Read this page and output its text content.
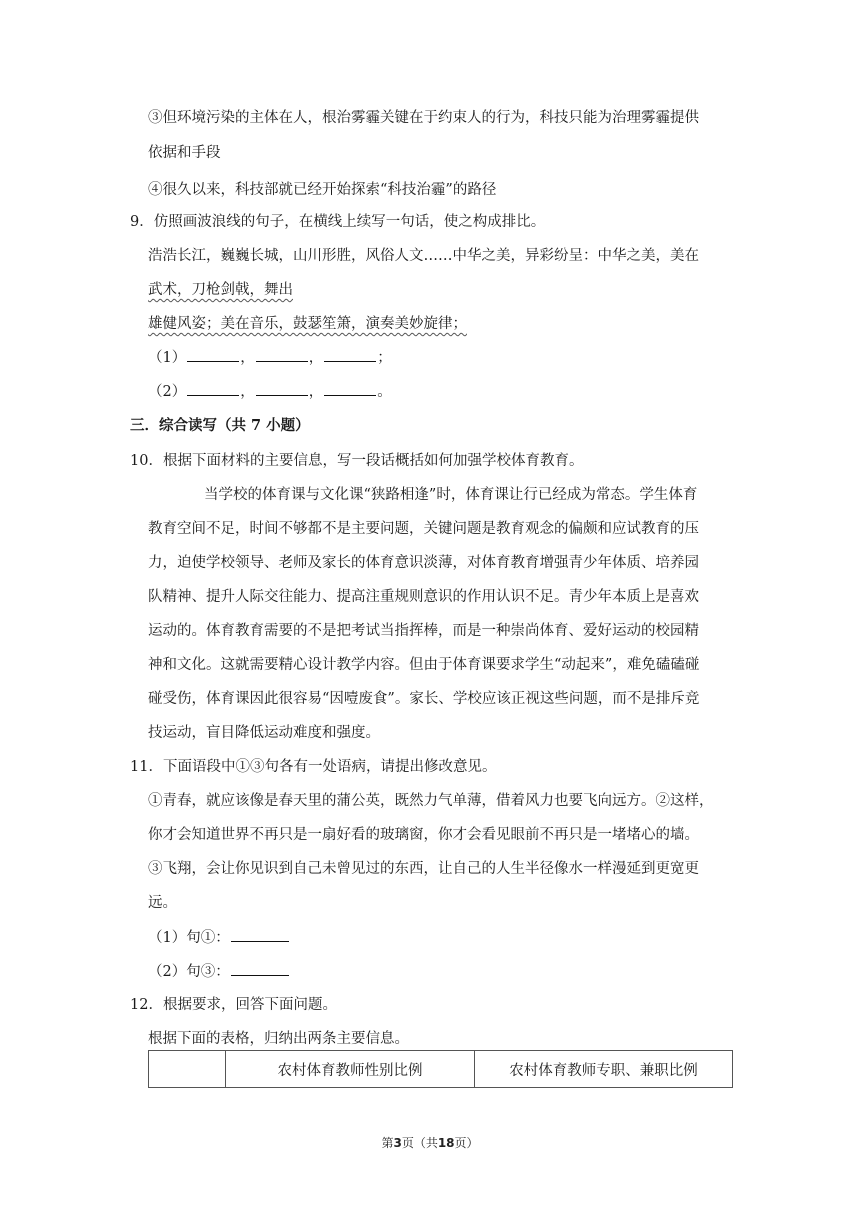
③但环境污染的主体在人，根治雾霾关键在于约束人的行为，科技只能为治理雾霾提供
依据和手段
④很久以来，科技部就已经开始探索“科技治霾”的路径
9．仿照画波浪线的句子，在横线上续写一句话，使之构成排比。
浩浩长江，巍巍长城，山川形胜，风俗人文……中华之美，异彩纷呈：中华之美，美在
武术，刀枪剑戟，舞出
雄健风姿；美在音乐，鼓瑟笙箫，演奏美妙旋律；
（1）	，	，	；
（2）	，	，	。
三．综合读写（共 7 小题）
10．根据下面材料的主要信息，写一段话概括如何加强学校体育教育。
当学校的体育课与文化课“狭路相逢”时，体育课让行已经成为常态。学生体育
教育空间不足，时间不够都不是主要问题，关键问题是教育观念的偏颇和应试教育的压
力，迫使学校领导、老师及家长的体育意识淡薄，对体育教育增强青少年体质、培养园
队精神、提升人际交往能力、提高注重规则意识的作用认识不足。青少年本质上是喜欢
运动的。体育教育需要的不是把考试当指挥棒，而是一种崇尚体育、爱好运动的校园精
神和文化。这就需要精心设计教学内容。但由于体育课要求学生“动起来”，难免磕磕碰
碰受伤，体育课因此很容易“因噎废食”。家长、学校应该正视这些问题，而不是排斥竞
技运动，盲目降低运动难度和强度。
11．下面语段中①③句各有一处语病，请提出修改意见。
①青春，就应该像是春天里的蒲公英，既然力气单薄，借着风力也要飞向远方。②这样，
你才会知道世界不再只是一扇好看的玻璃窗，你才会看见眼前不再只是一堵堵心的墙。
③飞翔，会让你见识到自己未曾见过的东西，让自己的人生半径像水一样漫延到更宽更
远。
（1）句①：
（2）句③：
12．根据要求，回答下面问题。
根据下面的表格，归纳出两条主要信息。
	农村体育教师性别比例	农村体育教师专职、兼职比例
第3页（共18页）
